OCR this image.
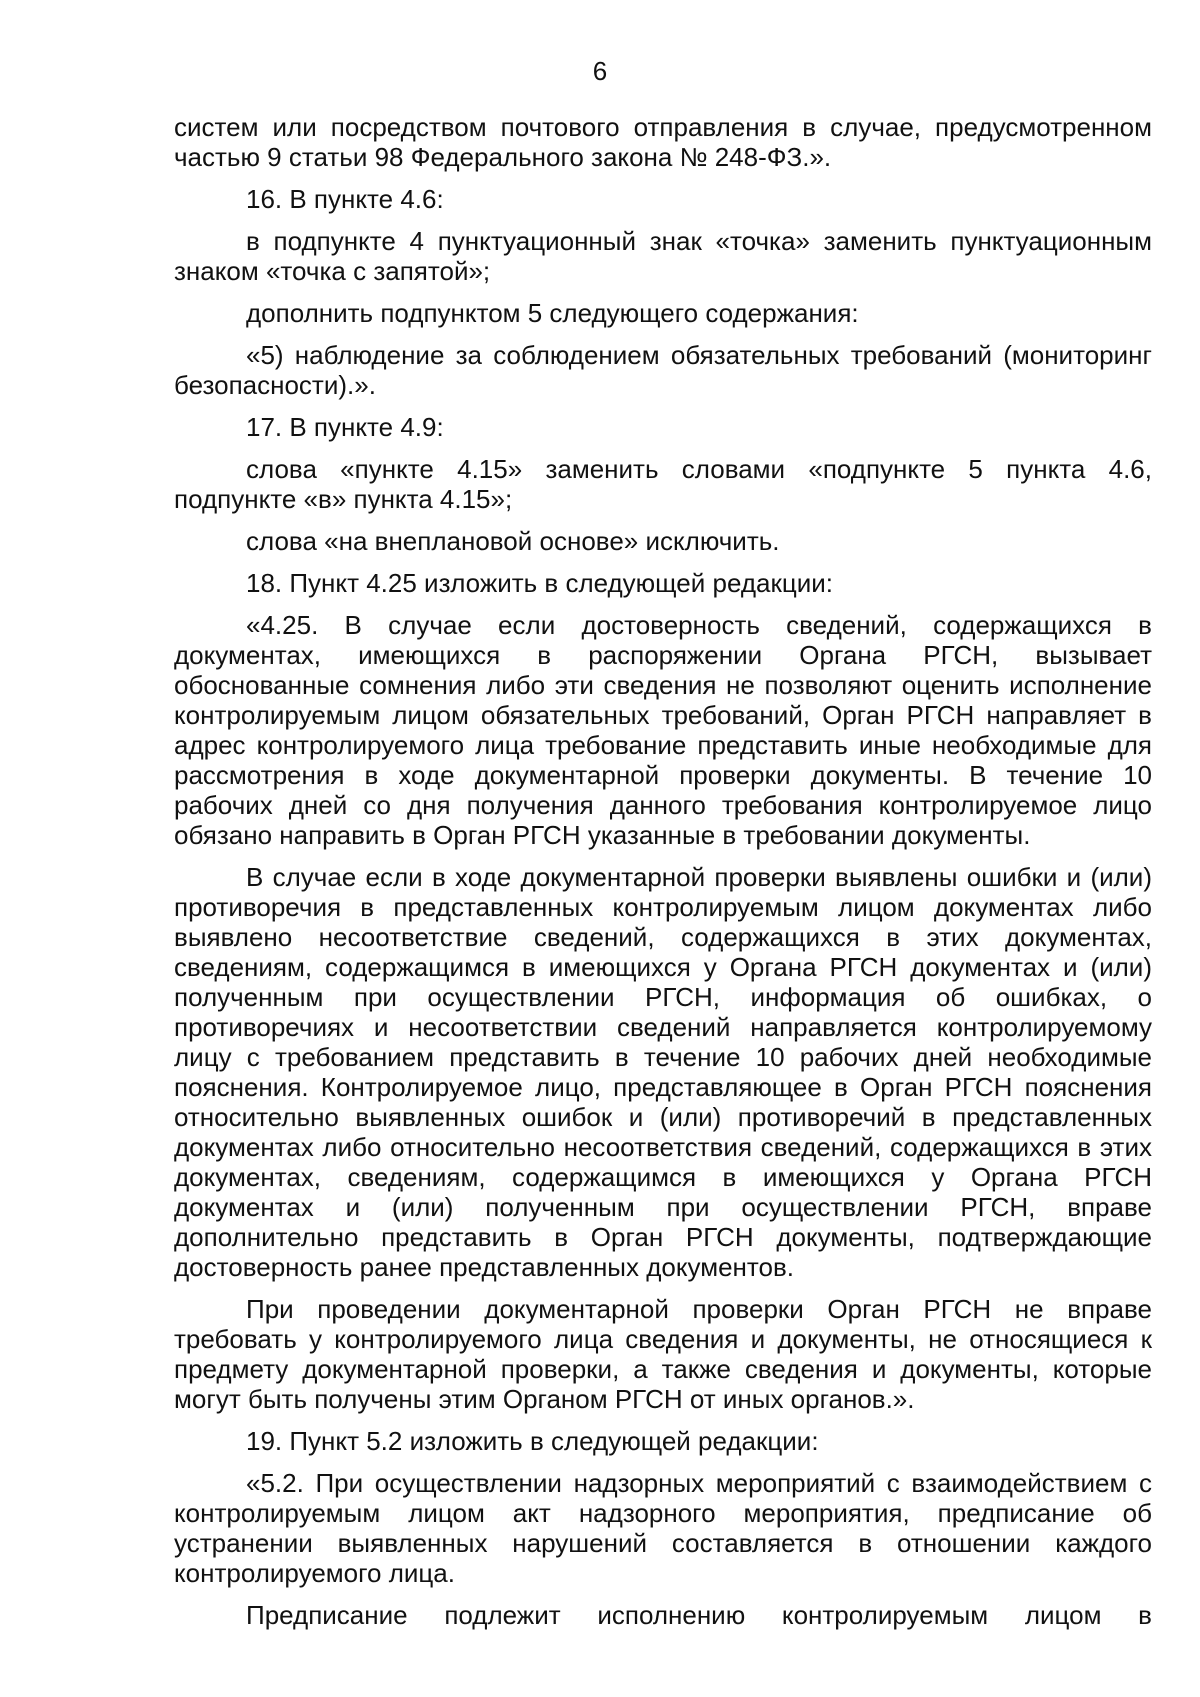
6

систем или посредством почтового отправления в случае, предусмотренном частью 9 статьи 98 Федерального закона № 248-ФЗ.».

16. В пункте 4.6:

в подпункте 4 пунктуационный знак «точка» заменить пунктуационным знаком «точка с запятой»;

дополнить подпунктом 5 следующего содержания:

«5) наблюдение за соблюдением обязательных требований (мониторинг безопасности).».

17. В пункте 4.9:

слова «пункте 4.15» заменить словами «подпункте 5 пункта 4.6, подпункте «в» пункта 4.15»;

слова «на внеплановой основе» исключить.

18. Пункт 4.25 изложить в следующей редакции:

«4.25. В случае если достоверность сведений, содержащихся в документах, имеющихся в распоряжении Органа РГСН, вызывает обоснованные сомнения либо эти сведения не позволяют оценить исполнение контролируемым лицом обязательных требований, Орган РГСН направляет в адрес контролируемого лица требование представить иные необходимые для рассмотрения в ходе документарной проверки документы. В течение 10 рабочих дней со дня получения данного требования контролируемое лицо обязано направить в Орган РГСН указанные в требовании документы.

В случае если в ходе документарной проверки выявлены ошибки и (или) противоречия в представленных контролируемым лицом документах либо выявлено несоответствие сведений, содержащихся в этих документах, сведениям, содержащимся в имеющихся у Органа РГСН документах и (или) полученным при осуществлении РГСН, информация об ошибках, о противоречиях и несоответствии сведений направляется контролируемому лицу с требованием представить в течение 10 рабочих дней необходимые пояснения. Контролируемое лицо, представляющее в Орган РГСН пояснения относительно выявленных ошибок и (или) противоречий в представленных документах либо относительно несоответствия сведений, содержащихся в этих документах, сведениям, содержащимся в имеющихся у Органа РГСН документах и (или) полученным при осуществлении РГСН, вправе дополнительно представить в Орган РГСН документы, подтверждающие достоверность ранее представленных документов.

При проведении документарной проверки Орган РГСН не вправе требовать у контролируемого лица сведения и документы, не относящиеся к предмету документарной проверки, а также сведения и документы, которые могут быть получены этим Органом РГСН от иных органов.».

19. Пункт 5.2 изложить в следующей редакции:

«5.2. При осуществлении надзорных мероприятий с взаимодействием с контролируемым лицом акт надзорного мероприятия, предписание об устранении выявленных нарушений составляется в отношении каждого контролируемого лица.

Предписание подлежит исполнению контролируемым лицом в
